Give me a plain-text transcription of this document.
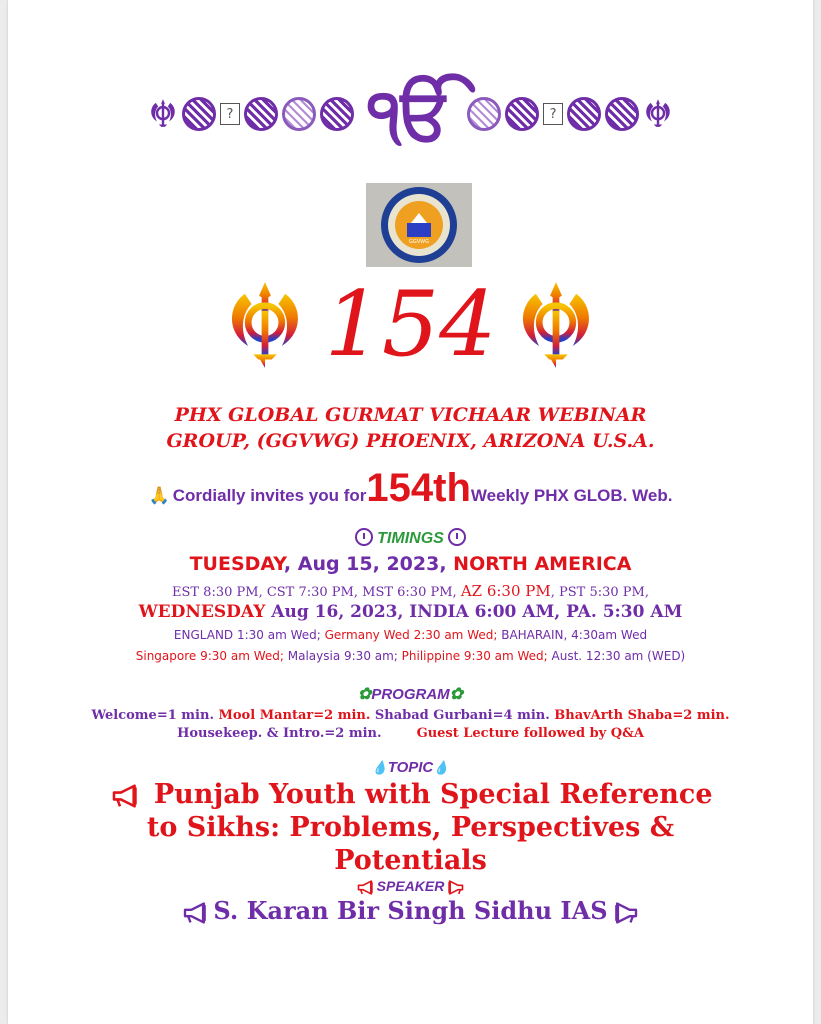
? ੴ	?
GGVWG
154
PHX GLOBAL GURMAT VICHAAR WEBINAR
GROUP, (GGVWG) PHOENIX, ARIZONA U.S.A.
🙏 Cordially invites you for 154th Weekly PHX GLOB. Web.
TIMINGS
TUESDAY, Aug 15, 2023, NORTH AMERICA
EST 8:30 PM, CST 7:30 PM, MST 6:30 PM, AZ 6:30 PM, PST 5:30 PM,
WEDNESDAY Aug 16, 2023, INDIA 6:00 AM, PA. 5:30 AM
ENGLAND 1:30 am Wed; Germany Wed 2:30 am Wed; BAHARAIN, 4:30am Wed
Singapore 9:30 am Wed; Malaysia 9:30 am; Philippine 9:30 am Wed; Aust. 12:30 am (WED)
✿PROGRAM✿
Welcome=1 min. Mool Mantar=2 min. Shabad Gurbani=4 min. BhavArth Shaba=2 min.
Housekeep. & Intro.=2 min.	Guest Lecture followed by Q&A
💧TOPIC💧
Punjab Youth with Special Reference
to Sikhs: Problems, Perspectives &
Potentials
SPEAKER
S. Karan Bir Singh Sidhu IAS
